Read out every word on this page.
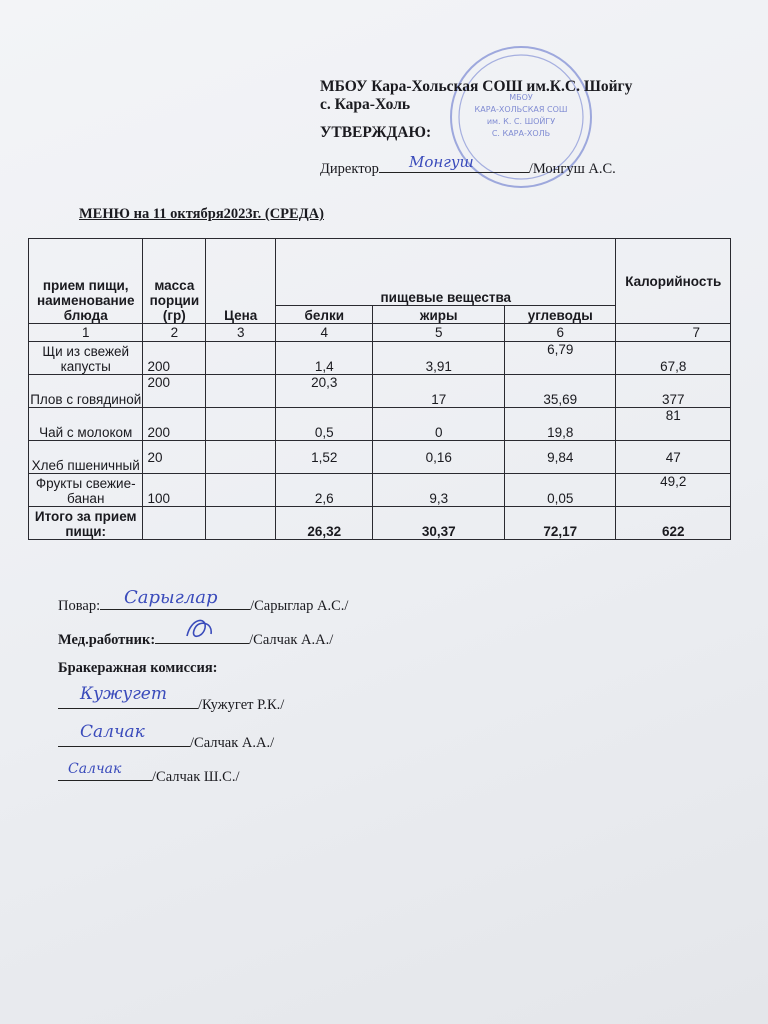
МБОУ
КАРА-ХОЛЬСКАЯ СОШ
им. К. С. ШОЙГУ
С. КАРА-ХОЛЬ
МБОУ Кара-Хольская СОШ им.К.С. Шойгу
с. Кара-Холь
УТВЕРЖДАЮ:
Директор Монгуш	/Монгуш А.С.
МЕНЮ на 11 октября2023г. (СРЕДА)
прием пищи, наименование блюда	масса порции (гр)	Цена	пищевые вещества			Калорийность
			белки	жиры	углеводы	
1	2	3	4	5	6	7
Щи из свежей капусты	200		1,4	3,91	6,79	67,8
Плов с говядиной	200		20,3	17	35,69	377
Чай с молоком	200		0,5	0	19,8	81
Хлеб пшеничный	20		1,52	0,16	9,84	47
Фрукты свежие-банан	100		2,6	9,3	0,05	49,2
Итого за прием пищи:			26,32	30,37	72,17	622
Повар: Сарыглар /Сарыглар А.С./
Мед.работник:	/Салчак А.А./
Бракеражная комиссия:
Кужугет
/Кужугет Р.К./
Салчак
/Салчак А.А./
Салчак /Салчак Ш.С./
